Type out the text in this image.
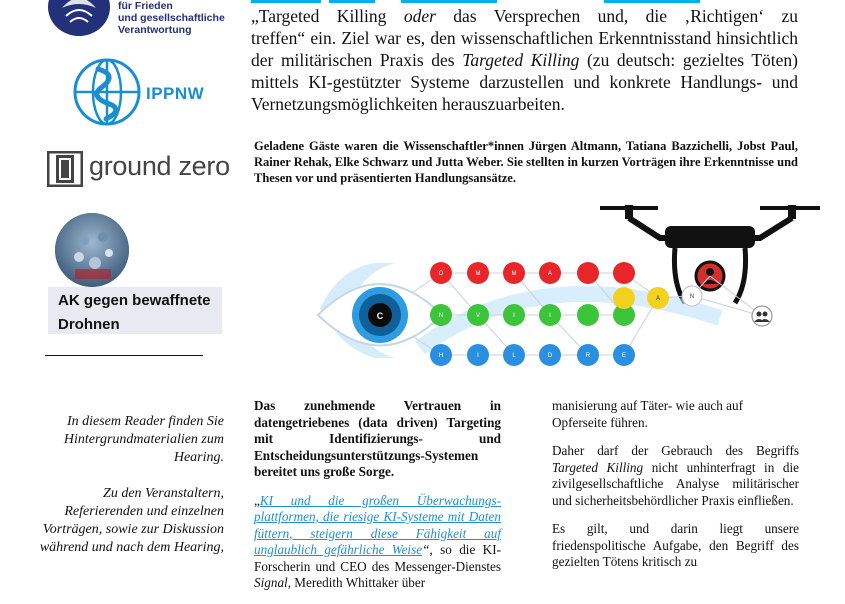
für Frieden
und gesellschaftliche
Verantwortung
IPPNW
ground zero
AK gegen bewaffnete
Drohnen
In diesem Reader finden Sie Hintergrundmaterialien zum Hearing.
Zu den Veranstaltern, Referierenden und einzelnen Vorträgen, sowie zur Diskussion während und nach dem Hearing,

„Targeted Killing oder das Versprechen und, die ‚Richtigen‘ zu

treffen“ ein. Ziel war es, den wissenschaftlichen Erkenntnisstand hinsichtlich der militärischen Praxis des Targeted Killing (zu deutsch: gezieltes Töten) mittels KI-gestützter Systeme darzustellen und konkrete Handlungs- und Vernetzungsmöglichkeiten herauszuarbeiten.

Geladene Gäste waren die Wissenschaftler*innen Jürgen Altmann, Tatiana Bazzichelli, Jobst Paul, Rainer Rehak, Elke Schwarz und Jutta Weber. Sie stellten in kurzen Vorträgen ihre Erkenntnisse und Thesen vor und präsentierten Handlungsansätze.
C
O	M	M	A
N	V	I	I
H	I	L	D	R	E
A	N

Das zunehmende Vertrauen in datengetriebenes (data driven) Targeting mit Identifizierungs- und Entscheidungsunterstützungs-Systemen bereitet uns große Sorge.

„KI und die großen Überwachungs-plattformen, die riesige KI-Systeme mit Daten füttern, steigern diese Fähigkeit auf unglaublich gefährliche Weise“, so die KI-Forscherin und CEO des Messenger-Dienstes Signal, Meredith Whittaker über

manisierung auf Täter- wie auch auf Opferseite führen.

Daher darf der Gebrauch des Begriffs Targeted Killing nicht unhinterfragt in die zivilgesellschaftliche Analyse militärischer und sicherheitsbehördlicher Praxis einfließen.

Es gilt, und darin liegt unsere friedenspolitische Aufgabe, den Begriff des gezielten Tötens kritisch zu
